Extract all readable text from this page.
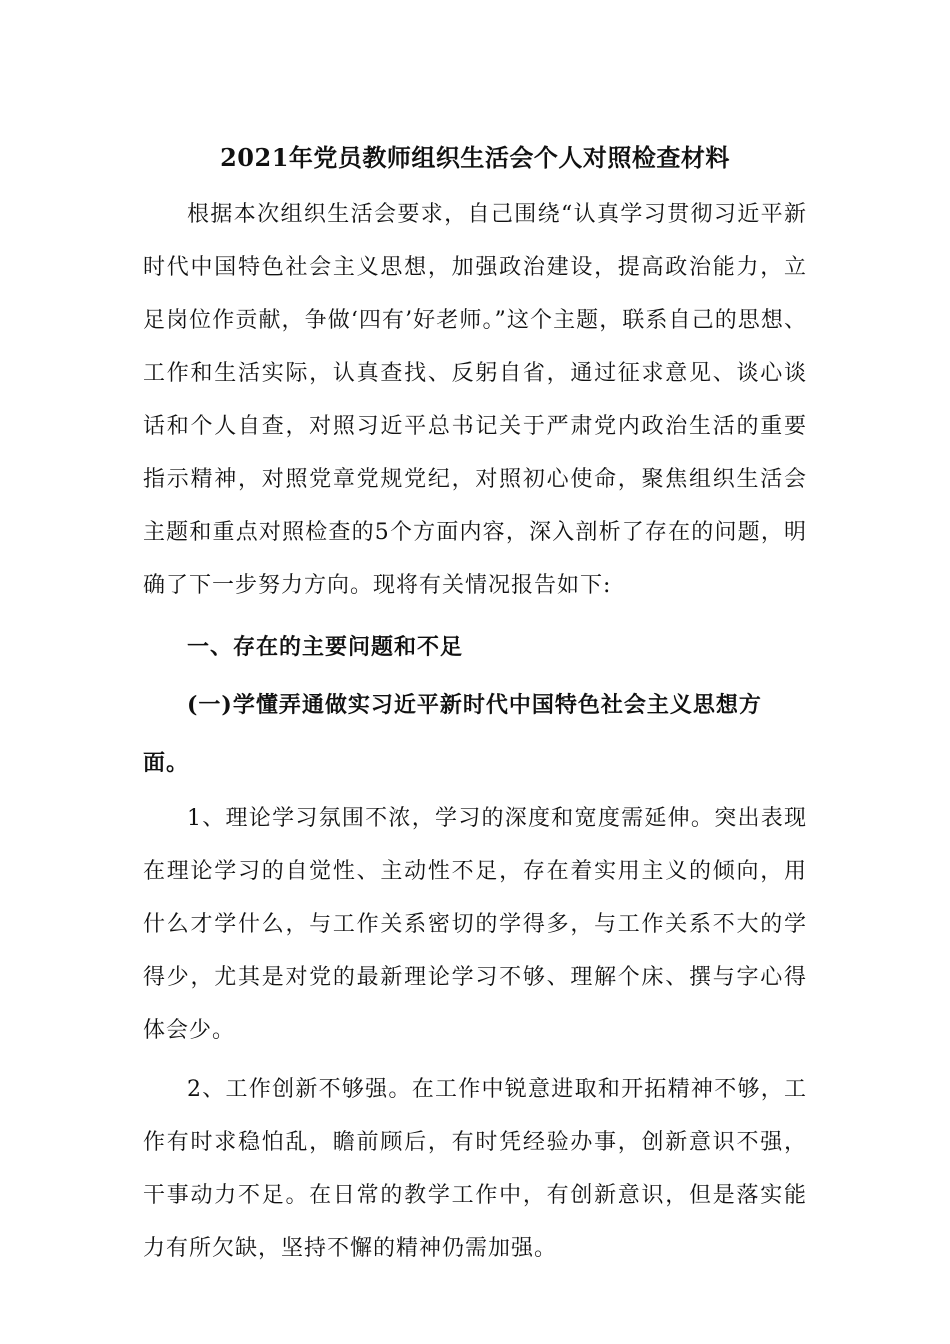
2021年党员教师组织生活会个人对照检查材料

根据本次组织生活会要求，自己围绕“认真学习贯彻习近平新时代中国特色社会主义思想，加强政治建设，提高政治能力，立足岗位作贡献，争做‘四有’好老师。”这个主题，联系自己的思想、工作和生活实际，认真查找、反躬自省，通过征求意见、谈心谈话和个人自查，对照习近平总书记关于严肃党内政治生活的重要指示精神，对照党章党规党纪，对照初心使命，聚焦组织生活会主题和重点对照检查的5个方面内容，深入剖析了存在的问题，明确了下一步努力方向。现将有关情况报告如下:

一、存在的主要问题和不足

(一)学懂弄通做实习近平新时代中国特色社会主义思想方面。

1、理论学习氛围不浓，学习的深度和宽度需延伸。突出表现在理论学习的自觉性、主动性不足，存在着实用主义的倾向，用什么才学什么，与工作关系密切的学得多，与工作关系不大的学得少，尤其是对党的最新理论学习不够、理解个床、撰与字心得体会少。

2、工作创新不够强。在工作中锐意进取和开拓精神不够，工作有时求稳怕乱，瞻前顾后，有时凭经验办事，创新意识不强，干事动力不足。在日常的教学工作中，有创新意识，但是落实能力有所欠缺，坚持不懈的精神仍需加强。
